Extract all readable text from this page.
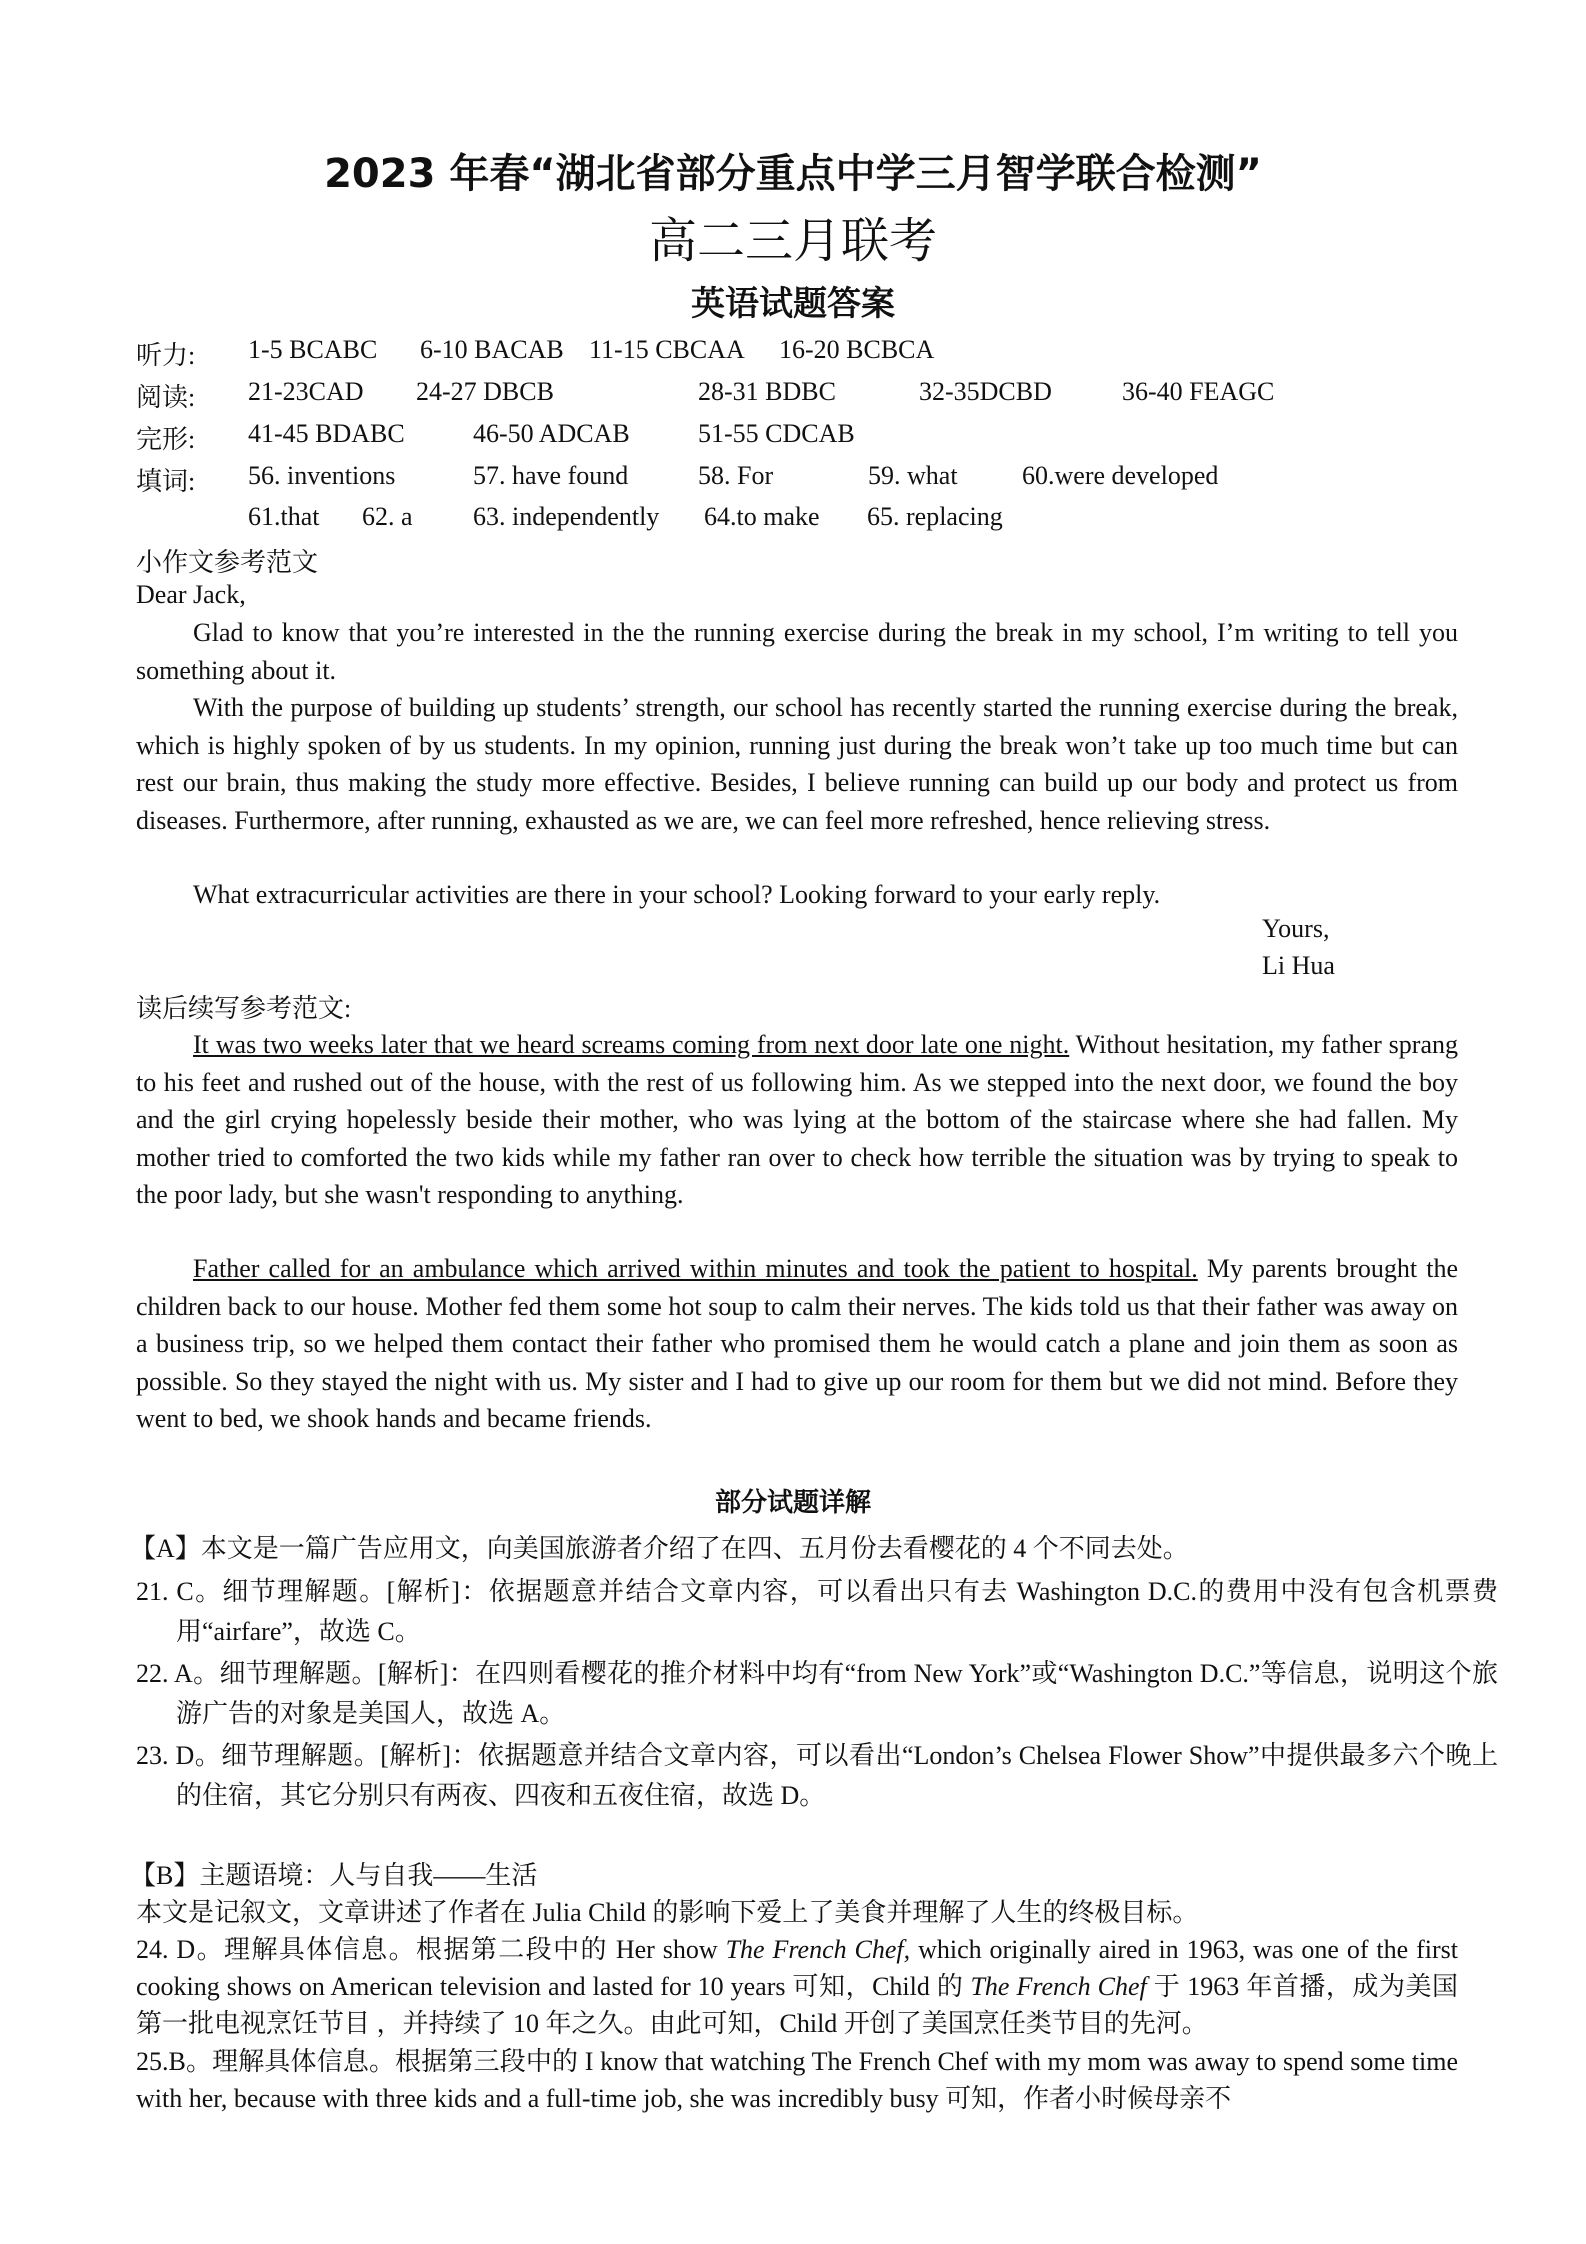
2023 年春“湖北省部分重点中学三月智学联合检测”
高二三月联考
英语试题答案
听力: 1-5 BCABC 6-10 BACAB 11-15 CBCAA 16-20 BCBCA
阅读: 21-23CAD 24-27 DBCB	28-31 BDBC	32-35DCBD	36-40 FEAGC
完形: 41-45 BDABC	46-50 ADCAB	51-55 CDCAB
填词: 56. inventions	57. have found	58. For	59. what 60.were developed
61.that 62. a 63. independently 64.to make 65. replacing
小作文参考范文
Dear Jack,
Glad to know that you’re interested in the the running exercise during the break in my school, I’m writing to tell you something about it.
With the purpose of building up students’ strength, our school has recently started the running exercise during the break, which is highly spoken of by us students. In my opinion, running just during the break won’t take up too much time but can rest our brain, thus making the study more effective. Besides, I believe running can build up our body and protect us from diseases. Furthermore, after running, exhausted as we are, we can feel more refreshed, hence relieving stress.
What extracurricular activities are there in your school? Looking forward to your early reply.
Yours,
Li Hua
读后续写参考范文:
It was two weeks later that we heard screams coming from next door late one night. Without hesitation, my father sprang to his feet and rushed out of the house, with the rest of us following him. As we stepped into the next door, we found the boy and the girl crying hopelessly beside their mother, who was lying at the bottom of the staircase where she had fallen. My mother tried to comforted the two kids while my father ran over to check how terrible the situation was by trying to speak to the poor lady, but she wasn't responding to anything.
Father called for an ambulance which arrived within minutes and took the patient to hospital. My parents brought the children back to our house. Mother fed them some hot soup to calm their nerves. The kids told us that their father was away on a business trip, so we helped them contact their father who promised them he would catch a plane and join them as soon as possible. So they stayed the night with us. My sister and I had to give up our room for them but we did not mind. Before they went to bed, we shook hands and became friends.
部分试题详解
【A】本文是一篇广告应用文，向美国旅游者介绍了在四、五月份去看樱花的 4 个不同去处。
21. C。细节理解题。[解析]：依据题意并结合文章内容，可以看出只有去 Washington D.C.的费用中没有包含机票费用“airfare”，故选 C。
22. A。细节理解题。[解析]：在四则看樱花的推介材料中均有“from New York”或“Washington D.C.”等信息，说明这个旅游广告的对象是美国人，故选 A。
23. D。细节理解题。[解析]：依据题意并结合文章内容，可以看出“London’s Chelsea Flower Show”中提供最多六个晚上的住宿，其它分别只有两夜、四夜和五夜住宿，故选 D。
【B】主题语境：人与自我——生活
本文是记叙文，文章讲述了作者在 Julia Child 的影响下爱上了美食并理解了人生的终极目标。
24. D。理解具体信息。根据第二段中的 Her show The French Chef, which originally aired in 1963, was one of the first cooking shows on American television and lasted for 10 years 可知，Child 的 The French Chef 于 1963 年首播，成为美国第一批电视烹饪节目 ，并持续了 10 年之久。由此可知，Child 开创了美国烹任类节目的先河。
25.B。理解具体信息。根据第三段中的 I know that watching The French Chef with my mom was away to spend some time with her, because with three kids and a full-time job, she was incredibly busy 可知，作者小时候母亲不
